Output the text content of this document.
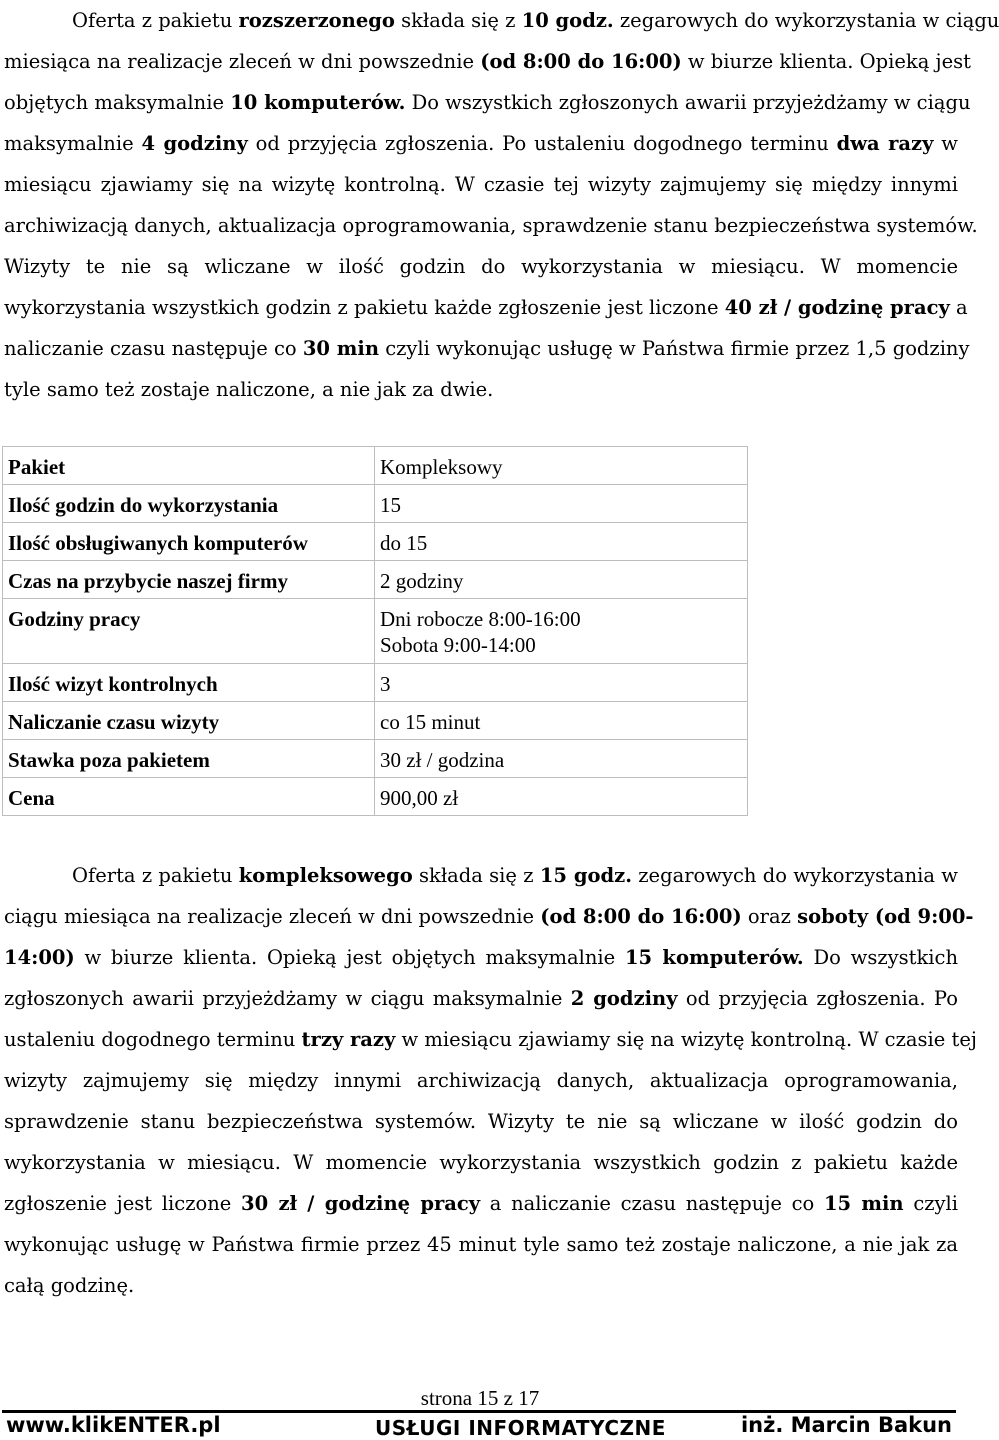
Oferta z pakietu rozszerzonego składa się z 10 godz. zegarowych do wykorzystania w ciągu
miesiąca na realizacje zleceń w dni powszednie (od 8:00 do 16:00) w biurze klienta. Opieką jest
objętych maksymalnie 10 komputerów. Do wszystkich zgłoszonych awarii przyjeżdżamy w ciągu
maksymalnie 4 godziny od przyjęcia zgłoszenia. Po ustaleniu dogodnego terminu dwa razy w
miesiącu zjawiamy się na wizytę kontrolną. W czasie tej wizyty zajmujemy się między innymi
archiwizacją danych, aktualizacja oprogramowania, sprawdzenie stanu bezpieczeństwa systemów.
Wizyty te nie są wliczane w ilość godzin do wykorzystania w miesiącu. W momencie
wykorzystania wszystkich godzin z pakietu każde zgłoszenie jest liczone 40 zł / godzinę pracy a
naliczanie czasu następuje co 30 min czyli wykonując usługę w Państwa firmie przez 1,5 godziny
tyle samo też zostaje naliczone, a nie jak za dwie.
Pakiet	Kompleksowy

Ilość godzin do wykorzystania	15

Ilość obsługiwanych komputerów	do 15

Czas na przybycie naszej firmy	2 godziny

Godziny pracy	Dni robocze 8:00-16:00
Sobota 9:00-14:00

Ilość wizyt kontrolnych	3

Naliczanie czasu wizyty	co 15 minut

Stawka poza pakietem	30 zł / godzina

Cena	900,00 zł
Oferta z pakietu kompleksowego składa się z 15 godz. zegarowych do wykorzystania w
ciągu miesiąca na realizacje zleceń w dni powszednie (od 8:00 do 16:00) oraz soboty (od 9:00-
14:00) w biurze klienta. Opieką jest objętych maksymalnie 15 komputerów. Do wszystkich
zgłoszonych awarii przyjeżdżamy w ciągu maksymalnie 2 godziny od przyjęcia zgłoszenia. Po
ustaleniu dogodnego terminu trzy razy w miesiącu zjawiamy się na wizytę kontrolną. W czasie tej
wizyty zajmujemy się między innymi archiwizacją danych, aktualizacja oprogramowania,
sprawdzenie stanu bezpieczeństwa systemów. Wizyty te nie są wliczane w ilość godzin do
wykorzystania w miesiącu. W momencie wykorzystania wszystkich godzin z pakietu każde
zgłoszenie jest liczone 30 zł / godzinę pracy a naliczanie czasu następuje co 15 min czyli
wykonując usługę w Państwa firmie przez 45 minut tyle samo też zostaje naliczone, a nie jak za
całą godzinę.
strona 15 z 17
www.klikENTER.pl	USŁUGI INFORMATYCZNE	inż. Marcin Bakun
